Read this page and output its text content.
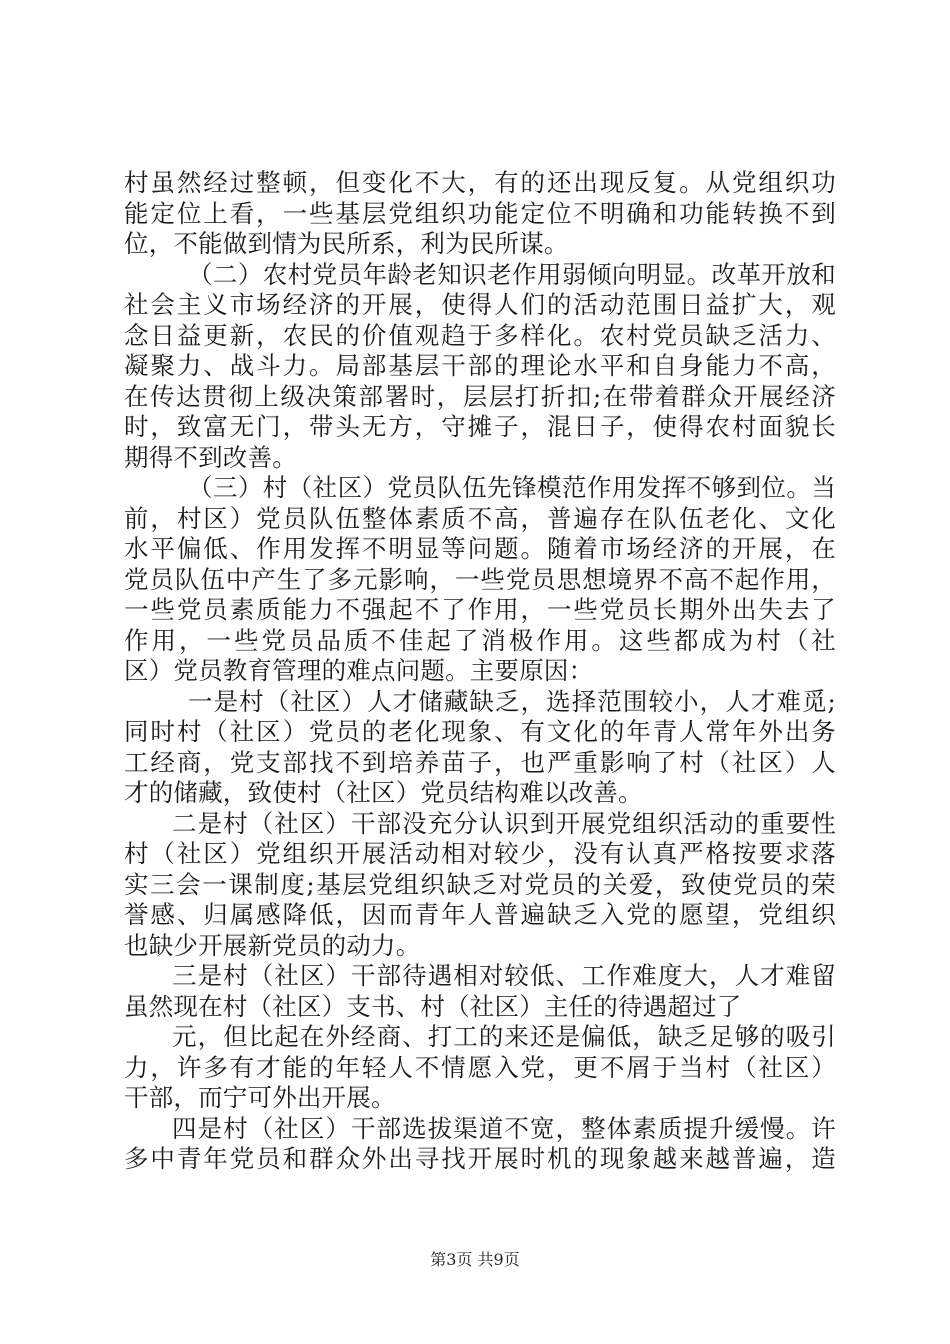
村虽然经过整顿，但变化不大，有的还出现反复。从党组织功
能定位上看，一些基层党组织功能定位不明确和功能转换不到
位，不能做到情为民所系，利为民所谋。
（二）农村党员年龄老知识老作用弱倾向明显。改革开放和
社会主义市场经济的开展，使得人们的活动范围日益扩大，观
念日益更新，农民的价值观趋于多样化。农村党员缺乏活力、
凝聚力、战斗力。局部基层干部的理论水平和自身能力不高，
在传达贯彻上级决策部署时，层层打折扣;在带着群众开展经济
时，致富无门，带头无方，守摊子，混日子，使得农村面貌长
期得不到改善。
（三）村（社区）党员队伍先锋模范作用发挥不够到位。当
前，村区）党员队伍整体素质不高，普遍存在队伍老化、文化
水平偏低、作用发挥不明显等问题。随着市场经济的开展，在
党员队伍中产生了多元影响，一些党员思想境界不高不起作用，
一些党员素质能力不强起不了作用，一些党员长期外出失去了
作用，一些党员品质不佳起了消极作用。这些都成为村（社
区）党员教育管理的难点问题。主要原因：
一是村（社区）人才储藏缺乏，选择范围较小，人才难觅;
同时村（社区）党员的老化现象、有文化的年青人常年外出务
工经商，党支部找不到培养苗子，也严重影响了村（社区）人
才的储藏，致使村（社区）党员结构难以改善。
二是村（社区）干部没充分认识到开展党组织活动的重要性
村（社区）党组织开展活动相对较少，没有认真严格按要求落
实三会一课制度;基层党组织缺乏对党员的关爱，致使党员的荣
誉感、归属感降低，因而青年人普遍缺乏入党的愿望，党组织
也缺少开展新党员的动力。
三是村（社区）干部待遇相对较低、工作难度大，人才难留
虽然现在村（社区）支书、村（社区）主任的待遇超过了
元，但比起在外经商、打工的来还是偏低，缺乏足够的吸引
力，许多有才能的年轻人不情愿入党，更不屑于当村（社区）
干部，而宁可外出开展。
四是村（社区）干部选拔渠道不宽，整体素质提升缓慢。许
多中青年党员和群众外出寻找开展时机的现象越来越普遍，造
第3页 共9页
